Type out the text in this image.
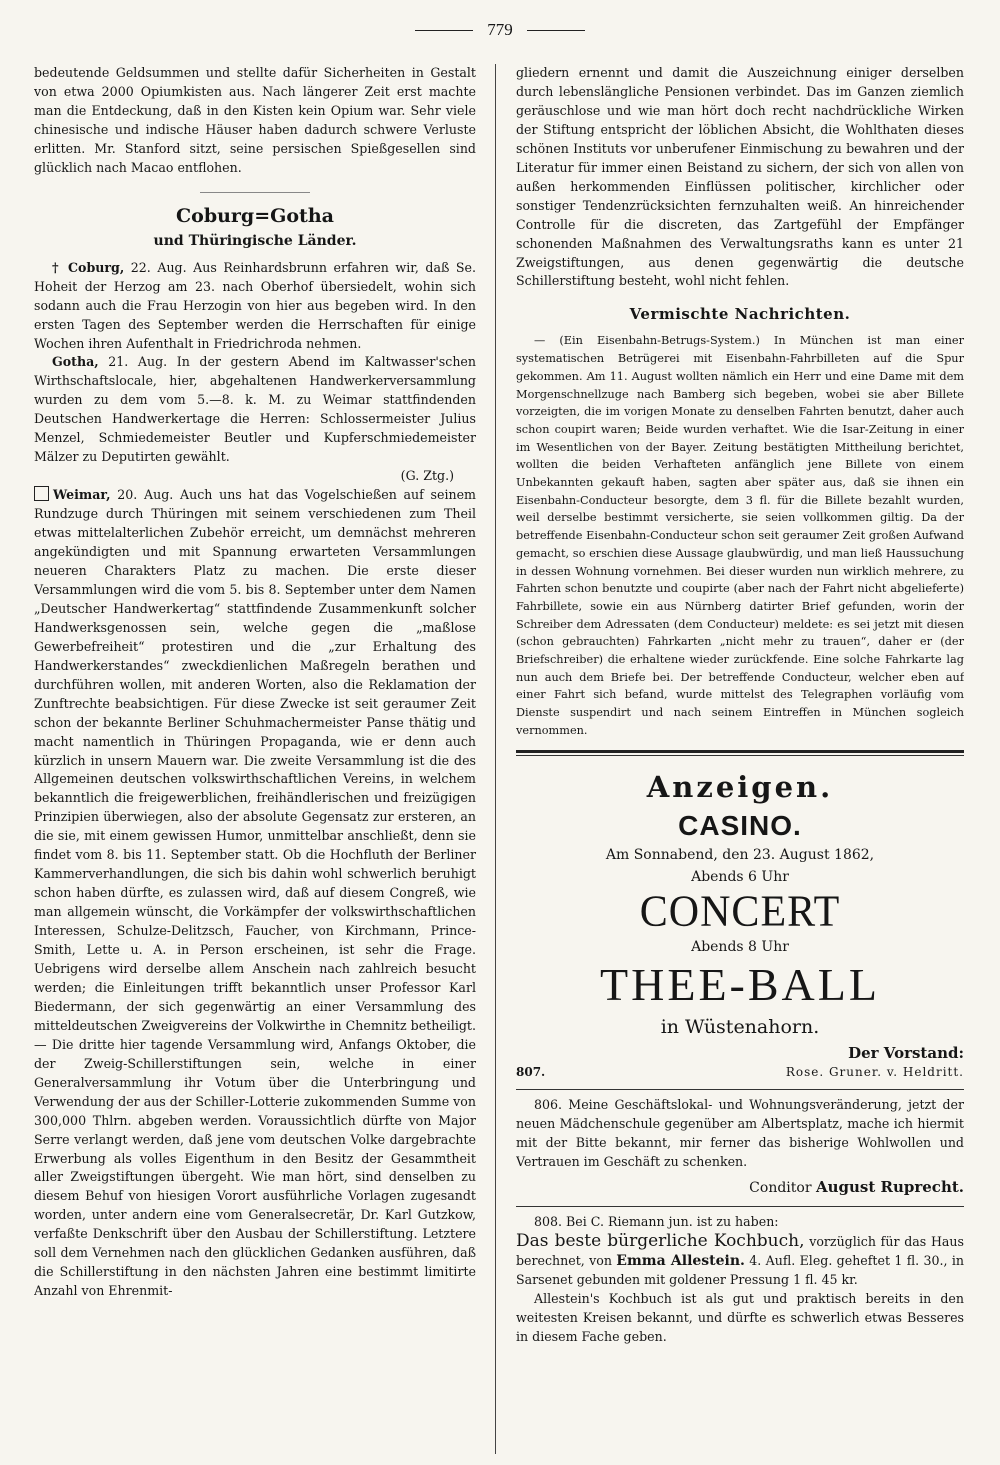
779

bedeutende Geldsummen und stellte dafür Sicherheiten in Gestalt von etwa 2000 Opiumkisten aus. Nach längerer Zeit erst machte man die Entdeckung, daß in den Kisten kein Opium war. Sehr viele chinesische und indische Häuser haben dadurch schwere Verluste erlitten. Mr. Stanford sitzt, seine persischen Spießgesellen sind glücklich nach Macao entflohen.

Coburg=Gotha
und Thüringische Länder.

† Coburg, 22. Aug. Aus Reinhardsbrunn erfahren wir, daß Se. Hoheit der Herzog am 23. nach Oberhof übersiedelt, wohin sich sodann auch die Frau Herzogin von hier aus begeben wird. In den ersten Tagen des September werden die Herrschaften für einige Wochen ihren Aufenthalt in Friedrichroda nehmen.

Gotha, 21. Aug. In der gestern Abend im Kaltwasser'schen Wirthschaftslocale, hier, abgehaltenen Handwerkerversammlung wurden zu dem vom 5.—8. k. M. zu Weimar stattfindenden Deutschen Handwerkertage die Herren: Schlossermeister Julius Menzel, Schmiedemeister Beutler und Kupferschmiedemeister Mälzer zu Deputirten gewählt.

(G. Ztg.)

Weimar, 20. Aug. Auch uns hat das Vogelschießen auf seinem Rundzuge durch Thüringen mit seinem verschiedenen zum Theil etwas mittelalterlichen Zubehör erreicht, um demnächst mehreren angekündigten und mit Spannung erwarteten Versammlungen neueren Charakters Platz zu machen. Die erste dieser Versammlungen wird die vom 5. bis 8. September unter dem Namen „Deutscher Handwerkertag“ stattfindende Zusammenkunft solcher Handwerksgenossen sein, welche gegen die „maßlose Gewerbefreiheit“ protestiren und die „zur Erhaltung des Handwerkerstandes“ zweckdienlichen Maßregeln berathen und durchführen wollen, mit anderen Worten, also die Reklamation der Zunftrechte beabsichtigen. Für diese Zwecke ist seit geraumer Zeit schon der bekannte Berliner Schuhmachermeister Panse thätig und macht namentlich in Thüringen Propaganda, wie er denn auch kürzlich in unsern Mauern war. Die zweite Versammlung ist die des Allgemeinen deutschen volkswirthschaftlichen Vereins, in welchem bekanntlich die freigewerblichen, freihändlerischen und freizügigen Prinzipien überwiegen, also der absolute Gegensatz zur ersteren, an die sie, mit einem gewissen Humor, unmittelbar anschließt, denn sie findet vom 8. bis 11. September statt. Ob die Hochfluth der Berliner Kammerverhandlungen, die sich bis dahin wohl schwerlich beruhigt schon haben dürfte, es zulassen wird, daß auf diesem Congreß, wie man allgemein wünscht, die Vorkämpfer der volkswirthschaftlichen Interessen, Schulze-Delitzsch, Faucher, von Kirchmann, Prince-Smith, Lette u. A. in Person erscheinen, ist sehr die Frage. Uebrigens wird derselbe allem Anschein nach zahlreich besucht werden; die Einleitungen trifft bekanntlich unser Professor Karl Biedermann, der sich gegenwärtig an einer Versammlung des mitteldeutschen Zweigvereins der Volkwirthe in Chemnitz betheiligt. — Die dritte hier tagende Versammlung wird, Anfangs Oktober, die der Zweig-Schillerstiftungen sein, welche in einer Generalversammlung ihr Votum über die Unterbringung und Verwendung der aus der Schiller-Lotterie zukommenden Summe von 300,000 Thlrn. abgeben werden. Voraussichtlich dürfte von Major Serre verlangt werden, daß jene vom deutschen Volke dargebrachte Erwerbung als volles Eigenthum in den Besitz der Gesammtheit aller Zweigstiftungen übergeht. Wie man hört, sind denselben zu diesem Behuf von hiesigen Vorort ausführliche Vorlagen zugesandt worden, unter andern eine vom Generalsecretär, Dr. Karl Gutzkow, verfaßte Denkschrift über den Ausbau der Schillerstiftung. Letztere soll dem Vernehmen nach den glücklichen Gedanken ausführen, daß die Schillerstiftung in den nächsten Jahren eine bestimmt limitirte Anzahl von Ehrenmit-

gliedern ernennt und damit die Auszeichnung einiger derselben durch lebenslängliche Pensionen verbindet. Das im Ganzen ziemlich geräuschlose und wie man hört doch recht nachdrückliche Wirken der Stiftung entspricht der löblichen Absicht, die Wohlthaten dieses schönen Instituts vor unberufener Einmischung zu bewahren und der Literatur für immer einen Beistand zu sichern, der sich von allen von außen herkommenden Einflüssen politischer, kirchlicher oder sonstiger Tendenzrücksichten fernzuhalten weiß. An hinreichender Controlle für die discreten, das Zartgefühl der Empfänger schonenden Maßnahmen des Verwaltungsraths kann es unter 21 Zweigstiftungen, aus denen gegenwärtig die deutsche Schillerstiftung besteht, wohl nicht fehlen.

Vermischte Nachrichten.

— (Ein Eisenbahn-Betrugs-System.) In München ist man einer systematischen Betrügerei mit Eisenbahn-Fahrbilleten auf die Spur gekommen. Am 11. August wollten nämlich ein Herr und eine Dame mit dem Morgenschnellzuge nach Bamberg sich begeben, wobei sie aber Billete vorzeigten, die im vorigen Monate zu denselben Fahrten benutzt, daher auch schon coupirt waren; Beide wurden verhaftet. Wie die Isar-Zeitung in einer im Wesentlichen von der Bayer. Zeitung bestätigten Mittheilung berichtet, wollten die beiden Verhafteten anfänglich jene Billete von einem Unbekannten gekauft haben, sagten aber später aus, daß sie ihnen ein Eisenbahn-Conducteur besorgte, dem 3 fl. für die Billete bezahlt wurden, weil derselbe bestimmt versicherte, sie seien vollkommen giltig. Da der betreffende Eisenbahn-Conducteur schon seit geraumer Zeit großen Aufwand gemacht, so erschien diese Aussage glaubwürdig, und man ließ Haussuchung in dessen Wohnung vornehmen. Bei dieser wurden nun wirklich mehrere, zu Fahrten schon benutzte und coupirte (aber nach der Fahrt nicht abgelieferte) Fahrbillete, sowie ein aus Nürnberg datirter Brief gefunden, worin der Schreiber dem Adressaten (dem Conducteur) meldete: es sei jetzt mit diesen (schon gebrauchten) Fahrkarten „nicht mehr zu trauen“, daher er (der Briefschreiber) die erhaltene wieder zurückfende. Eine solche Fahrkarte lag nun auch dem Briefe bei. Der betreffende Conducteur, welcher eben auf einer Fahrt sich befand, wurde mittelst des Telegraphen vorläufig vom Dienste suspendirt und nach seinem Eintreffen in München sogleich vernommen.

Anzeigen.
CASINO.
Am Sonnabend, den 23. August 1862,
Abends 6 Uhr
CONCERT
Abends 8 Uhr
THEE-BALL
in Wüstenahorn.
807.
Der Vorstand:
Rose. Gruner. v. Heldritt.

806. Meine Geschäftslokal- und Wohnungsveränderung, jetzt der neuen Mädchenschule gegenüber am Albertsplatz, mache ich hiermit mit der Bitte bekannt, mir ferner das bisherige Wohlwollen und Vertrauen im Geschäft zu schenken.

Conditor August Ruprecht.

808. Bei C. Riemann jun. ist zu haben:

Das beste bürgerliche Kochbuch, vorzüglich für das Haus berechnet, von Emma Allestein. 4. Aufl. Eleg. geheftet 1 fl. 30., in Sarsenet gebunden mit goldener Pressung 1 fl. 45 kr.

Allestein's Kochbuch ist als gut und praktisch bereits in den weitesten Kreisen bekannt, und dürfte es schwerlich etwas Besseres in diesem Fache geben.
